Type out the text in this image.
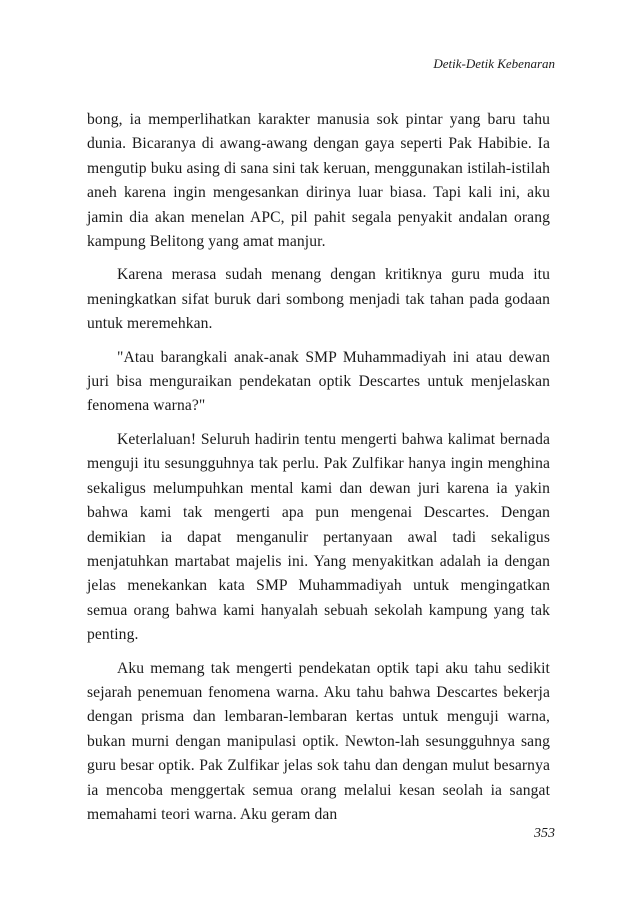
Detik-Detik Kebenaran

bong, ia memperlihatkan karakter manusia sok pintar yang baru tahu dunia. Bicaranya di awang-awang dengan gaya seperti Pak Habibie. Ia mengutip buku asing di sana sini tak keruan, menggunakan istilah-istilah aneh karena ingin mengesankan dirinya luar biasa. Tapi kali ini, aku jamin dia akan menelan APC, pil pahit segala penyakit andalan orang kampung Belitong yang amat manjur.

Karena merasa sudah menang dengan kritiknya guru muda itu meningkatkan sifat buruk dari sombong menjadi tak tahan pada godaan untuk meremehkan.

"Atau barangkali anak-anak SMP Muhammadiyah ini atau dewan juri bisa menguraikan pendekatan optik Descartes untuk menjelaskan fenomena warna?"

Keterlaluan! Seluruh hadirin tentu mengerti bahwa kalimat bernada menguji itu sesungguhnya tak perlu. Pak Zulfikar hanya ingin menghina sekaligus melumpuhkan mental kami dan dewan juri karena ia yakin bahwa kami tak mengerti apa pun mengenai Descartes. Dengan demikian ia dapat menganulir pertanyaan awal tadi sekaligus menjatuhkan martabat majelis ini. Yang menyakitkan adalah ia dengan jelas menekankan kata SMP Muhammadiyah untuk mengingatkan semua orang bahwa kami hanyalah sebuah sekolah kampung yang tak penting.

Aku memang tak mengerti pendekatan optik tapi aku tahu sedikit sejarah penemuan fenomena warna. Aku tahu bahwa Descartes bekerja dengan prisma dan lembaran-lembaran kertas untuk menguji warna, bukan murni dengan manipulasi optik. Newton-lah sesungguhnya sang guru besar optik. Pak Zulfikar jelas sok tahu dan dengan mulut besarnya ia mencoba menggertak semua orang melalui kesan seolah ia sangat memahami teori warna. Aku geram dan

353
